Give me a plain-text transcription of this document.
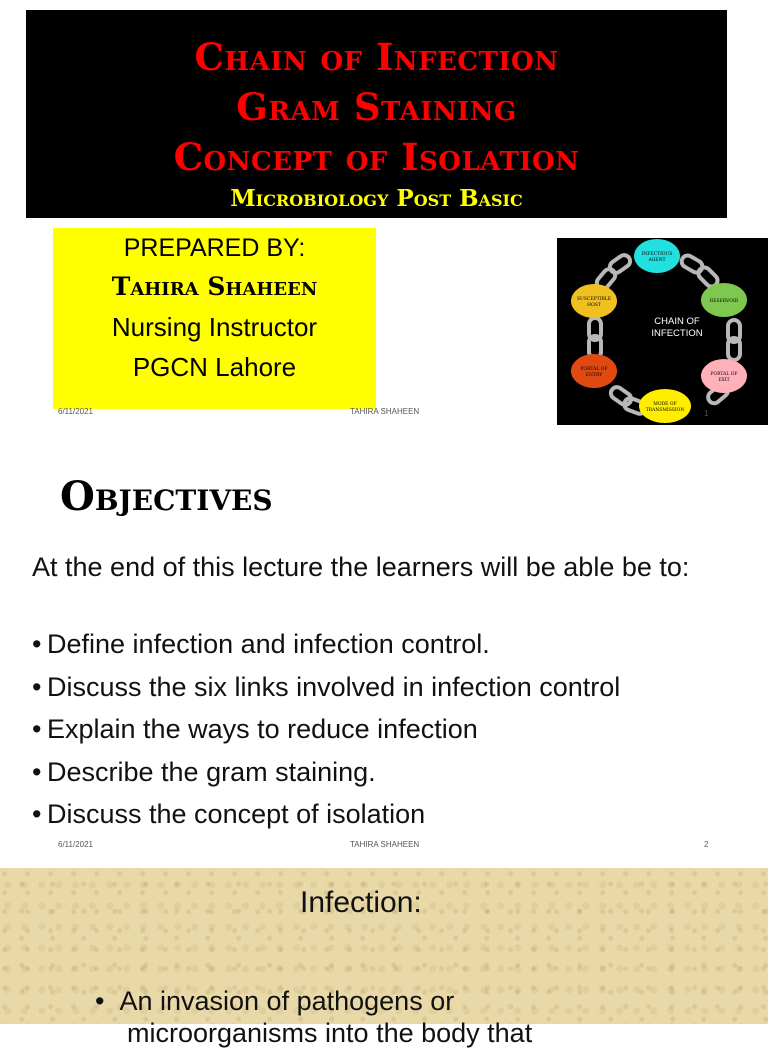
Chain of Infection
Gram Staining
Concept of Isolation
Microbiology Post Basic
PREPARED BY:
Tahira Shaheen
Nursing Instructor
PGCN Lahore
INFECTIOUS
AGENT
RESERVOIR
PORTAL OF
EXIT
MODE OF
TRANSMISSION
PORTAL OF
ENTRY
SUSCEPTIBLE
HOST
CHAIN OF
INFECTION
6/11/2021	TAHIRA SHAHEEN	1
Objectives
At the end of this lecture the learners will be able be to:
• Define infection and infection control.
• Discuss the six links involved in infection control
• Explain the ways to reduce infection
• Describe the gram staining.
• Discuss the concept of isolation
6/11/2021	TAHIRA SHAHEEN	2
Infection:
• An invasion of pathogens or
microorganisms into the body that
